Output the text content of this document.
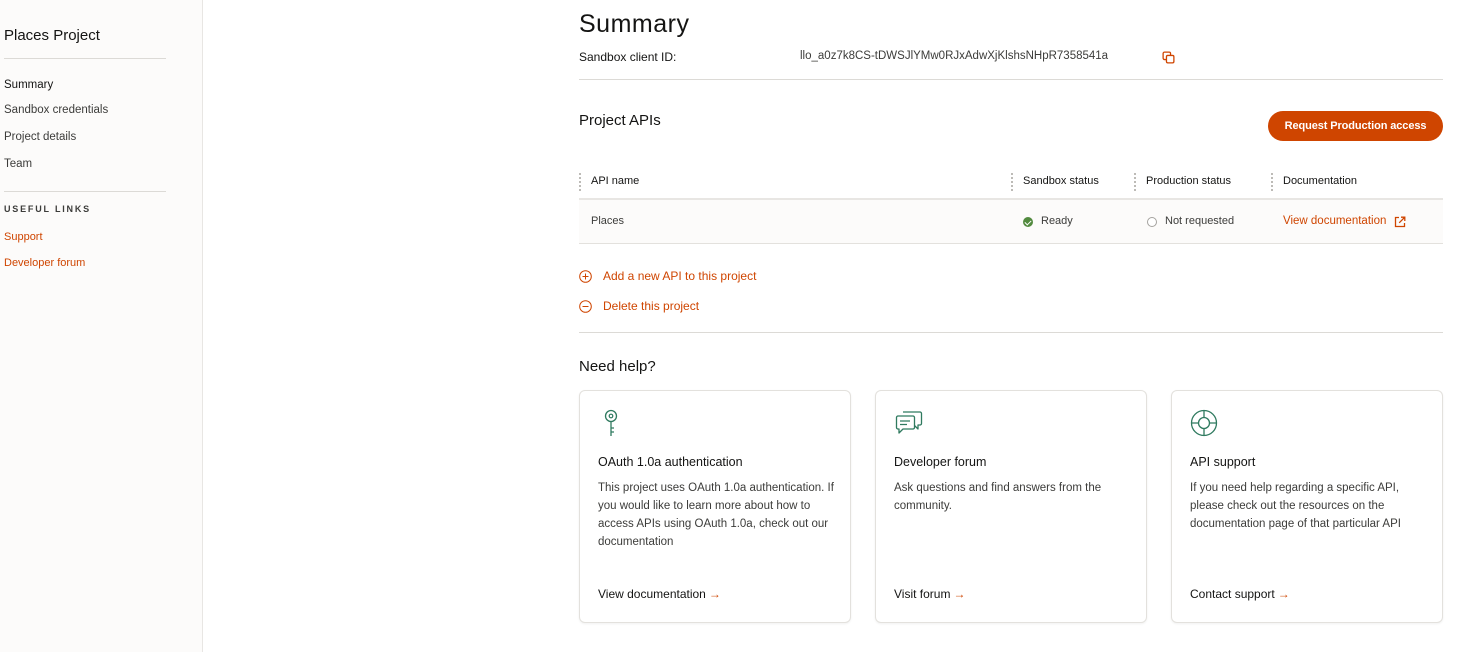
Places Project
Summary
Sandbox credentials
Project details
Team
USEFUL LINKS
Support
Developer forum
Summary
Sandbox client ID:	llo_a0z7k8CS-tDWSJlYMw0RJxAdwXjKlshsNHpR7358541a
Project APIs	Request Production access
API name	Sandbox status	Production status	Documentation
Places	Ready	Not requested	View documentation
Add a new API to this project
Delete this project
Need help?
OAuth 1.0a authentication
This project uses OAuth 1.0a authentication. If you would like to learn more about how to access APIs using OAuth 1.0a, check out our documentation
View documentation →
Developer forum
Ask questions and find answers from the community.
Visit forum →
API support
If you need help regarding a specific API, please check out the resources on the documentation page of that particular API
Contact support →
